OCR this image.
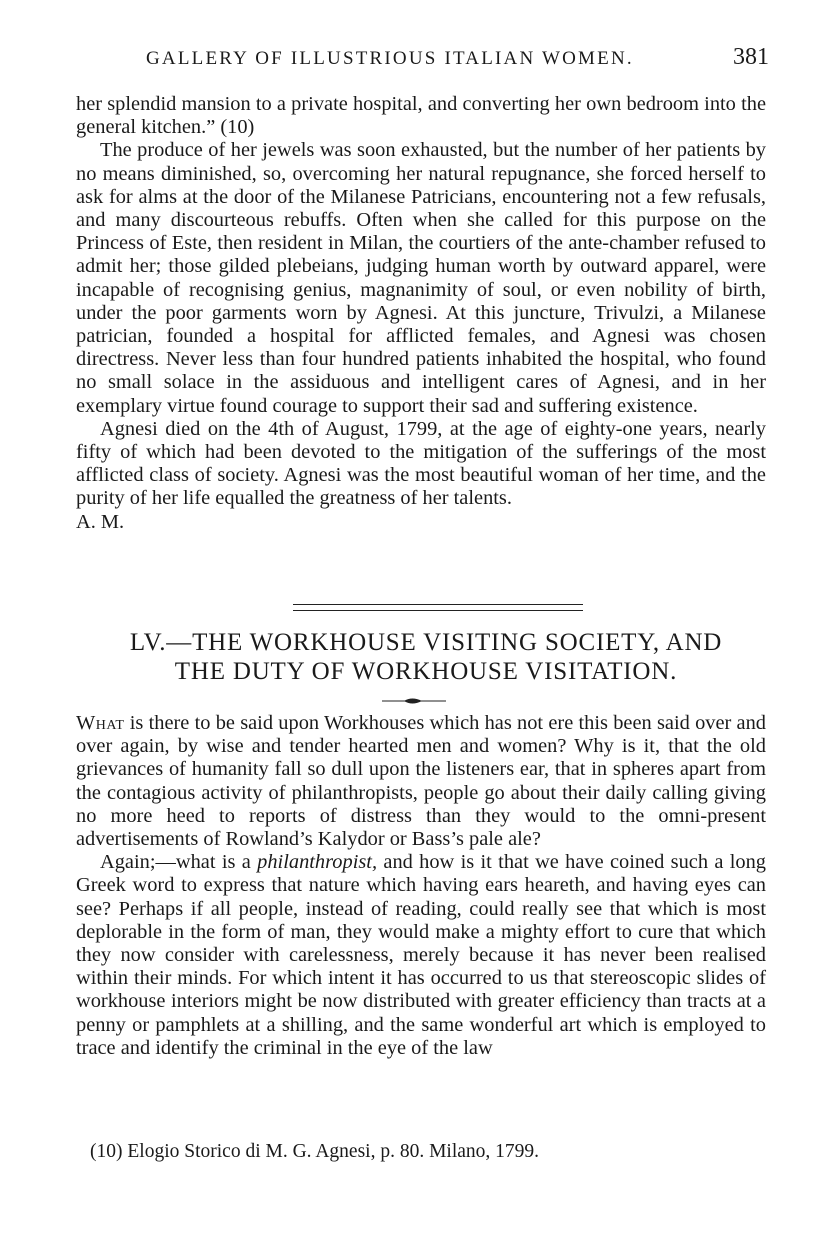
GALLERY OF ILLUSTRIOUS ITALIAN WOMEN.	381

her splendid mansion to a private hospital, and converting her own bedroom into the general kitchen.” (10)

The produce of her jewels was soon exhausted, but the number of her patients by no means diminished, so, overcoming her natural repugnance, she forced herself to ask for alms at the door of the Milanese Patricians, encountering not a few refusals, and many discourteous rebuffs. Often when she called for this purpose on the Princess of Este, then resident in Milan, the courtiers of the ante-chamber refused to admit her; those gilded plebeians, judging human worth by outward apparel, were incapable of recognising genius, magnanimity of soul, or even nobility of birth, under the poor garments worn by Agnesi. At this juncture, Trivulzi, a Milanese patrician, founded a hospital for afflicted females, and Agnesi was chosen directress. Never less than four hundred patients inhabited the hospital, who found no small solace in the assiduous and intelligent cares of Agnesi, and in her exemplary virtue found courage to support their sad and suffering existence.

Agnesi died on the 4th of August, 1799, at the age of eighty-one years, nearly fifty of which had been devoted to the mitigation of the sufferings of the most afflicted class of society. Agnesi was the most beautiful woman of her time, and the purity of her life equalled the greatness of her talents.

A. M.

LV.—THE WORKHOUSE VISITING SOCIETY, AND
THE DUTY OF WORKHOUSE VISITATION.

What is there to be said upon Workhouses which has not ere this been said over and over again, by wise and tender hearted men and women? Why is it, that the old grievances of humanity fall so dull upon the listeners ear, that in spheres apart from the contagious activity of philanthropists, people go about their daily calling giving no more heed to reports of distress than they would to the omni-present advertisements of Rowland’s Kalydor or Bass’s pale ale?

Again;—what is a philanthropist, and how is it that we have coined such a long Greek word to express that nature which having ears heareth, and having eyes can see? Perhaps if all people, instead of reading, could really see that which is most deplorable in the form of man, they would make a mighty effort to cure that which they now consider with carelessness, merely because it has never been realised within their minds. For which intent it has occurred to us that stereoscopic slides of workhouse interiors might be now distributed with greater efficiency than tracts at a penny or pamphlets at a shilling, and the same wonderful art which is employed to trace and identify the criminal in the eye of the law

(10) Elogio Storico di M. G. Agnesi, p. 80. Milano, 1799.
